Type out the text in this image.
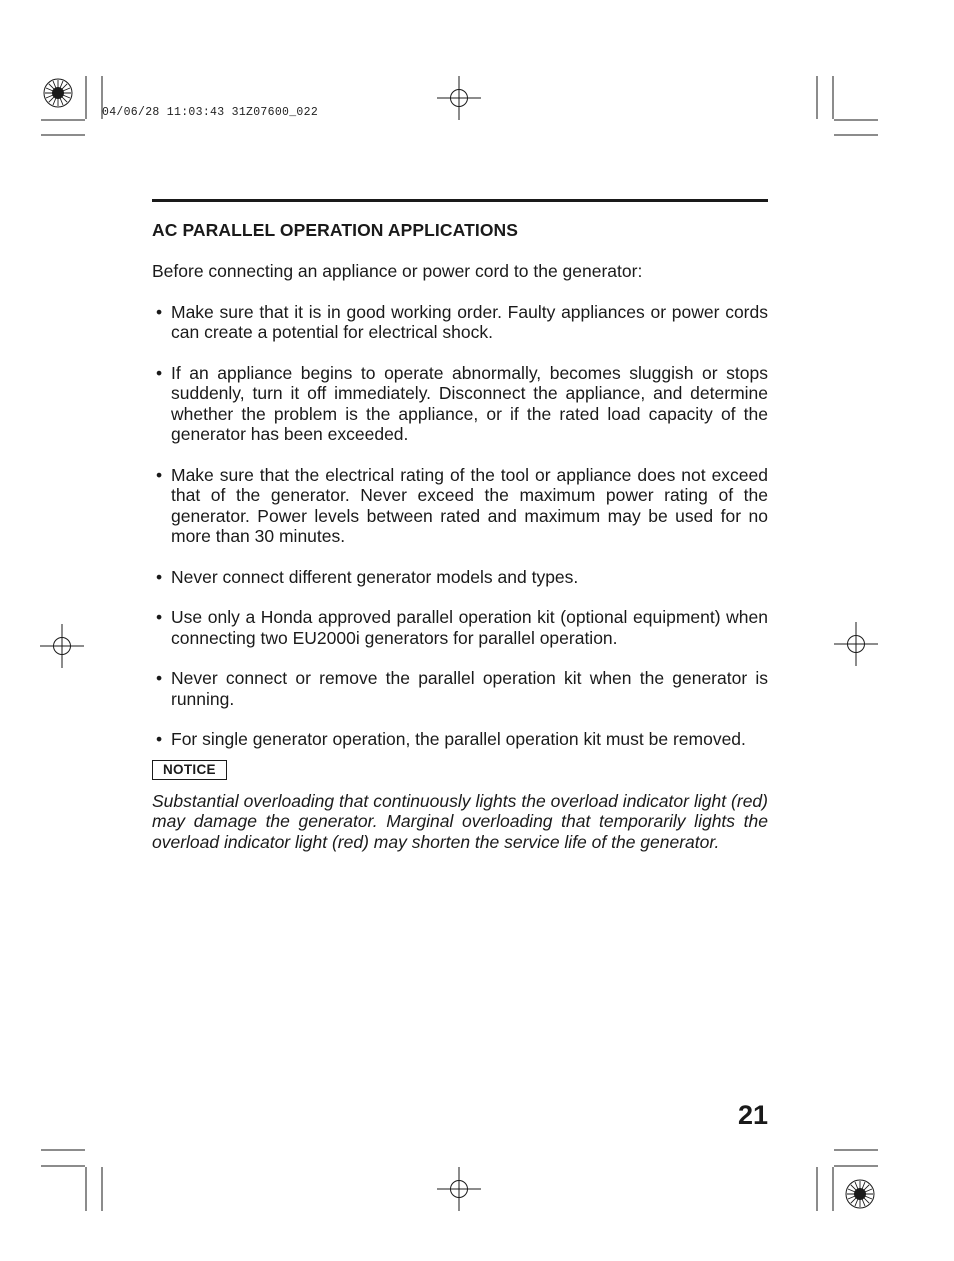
04/06/28 11:03:43 31Z07600_022
AC PARALLEL OPERATION APPLICATIONS

Before connecting an appliance or power cord to the generator:

• Make sure that it is in good working order. Faulty appliances or power cords can create a potential for electrical shock.
• If an appliance begins to operate abnormally, becomes sluggish or stops suddenly, turn it off immediately. Disconnect the appliance, and determine whether the problem is the appliance, or if the rated load capacity of the generator has been exceeded.
• Make sure that the electrical rating of the tool or appliance does not exceed that of the generator. Never exceed the maximum power rating of the generator. Power levels between rated and maximum may be used for no more than 30 minutes.
• Never connect different generator models and types.
• Use only a Honda approved parallel operation kit (optional equipment) when connecting two EU2000i generators for parallel operation.
• Never connect or remove the parallel operation kit when the generator is running.
• For single generator operation, the parallel operation kit must be removed.
NOTICE

Substantial overloading that continuously lights the overload indicator light (red) may damage the generator. Marginal overloading that temporarily lights the overload indicator light (red) may shorten the service life of the generator.

21
